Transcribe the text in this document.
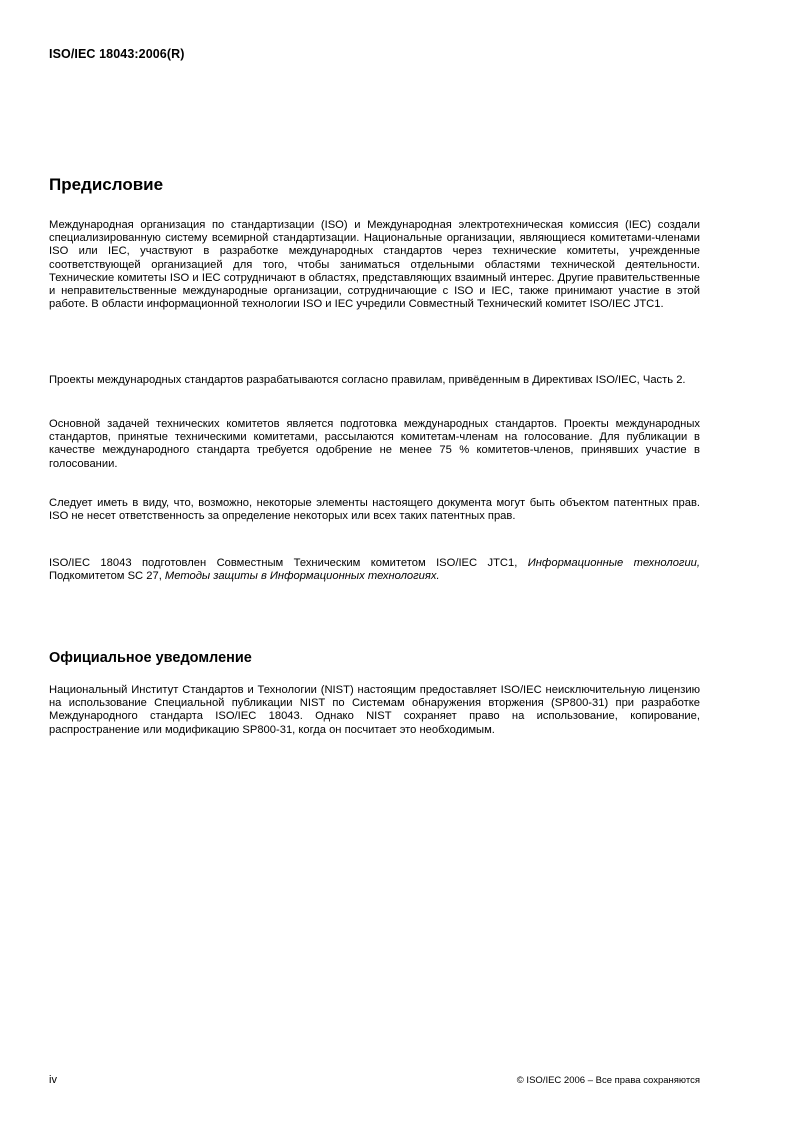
ISO/IEC 18043:2006(R)
Предисловие

Международная организация по стандартизации (ISO) и Международная электротехническая комиссия (IEC) создали специализированную систему всемирной стандартизации. Национальные организации, являющиеся комитетами-членами ISO или IEC, участвуют в разработке международных стандартов через технические комитеты, учрежденные соответствующей организацией для того, чтобы заниматься отдельными областями технической деятельности. Технические комитеты ISO и IEC сотрудничают в областях, представляющих взаимный интерес. Другие правительственные и неправительственные международные организации, сотрудничающие с ISO и IEC, также принимают участие в этой работе. В области информационной технологии ISO и IEC учредили Совместный Технический комитет ISO/IEC JTC1.

Проекты международных стандартов разрабатываются согласно правилам, привёденным в Директивах ISO/IEC, Часть 2.

Основной задачей технических комитетов является подготовка международных стандартов. Проекты международных стандартов, принятые техническими комитетами, рассылаются комитетам-членам на голосование. Для публикации в качестве международного стандарта требуется одобрение не менее 75 % комитетов-членов, принявших участие в голосовании.

Следует иметь в виду, что, возможно, некоторые элементы настоящего документа могут быть объектом патентных прав. ISO не несет ответственность за определение некоторых или всех таких патентных прав.

ISO/IEC 18043 подготовлен Совместным Техническим комитетом ISO/IEC JTC1, Информационные технологии, Подкомитетом SC 27, Методы защиты в Информационных технологиях.

Официальное уведомление

Национальный Институт Стандартов и Технологии (NIST) настоящим предоставляет ISO/IEC неисключительную лицензию на использование Специальной публикации NIST по Системам обнаружения вторжения (SP800-31) при разработке Международного стандарта ISO/IEC 18043. Однако NIST сохраняет право на использование, копирование, распространение или модификацию SP800-31, когда он посчитает это необходимым.

iv	© ISO/IEC 2006 – Все права сохраняются
